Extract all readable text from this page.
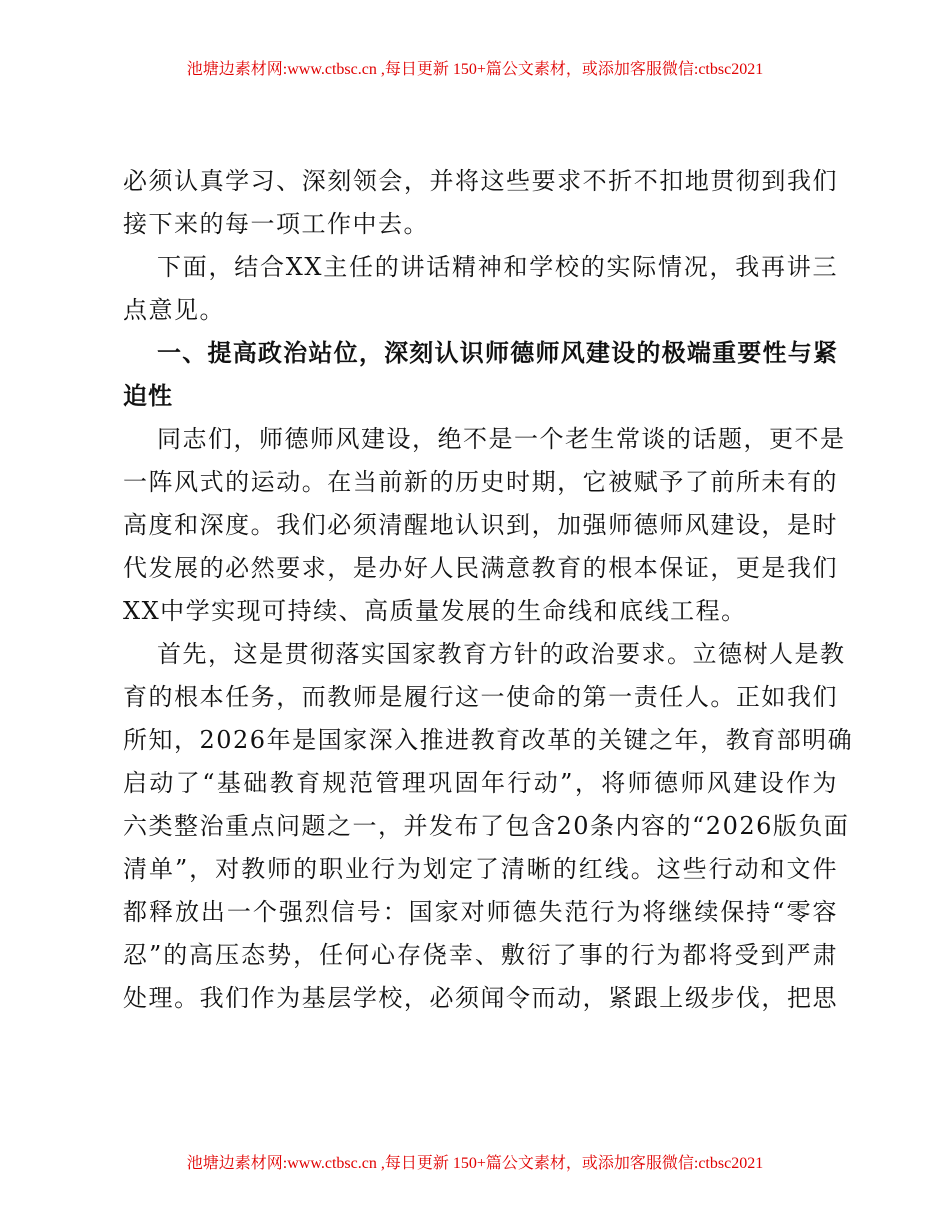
池塘边素材网:www.ctbsc.cn ,每日更新 150+篇公文素材，或添加客服微信:ctbsc2021
必须认真学习、深刻领会，并将这些要求不折不扣地贯彻到我们
接下来的每一项工作中去。
下面，结合XX主任的讲话精神和学校的实际情况，我再讲三
点意见。
一、提高政治站位，深刻认识师德师风建设的极端重要性与紧
迫性
同志们，师德师风建设，绝不是一个老生常谈的话题，更不是
一阵风式的运动。在当前新的历史时期，它被赋予了前所未有的
高度和深度。我们必须清醒地认识到，加强师德师风建设，是时
代发展的必然要求，是办好人民满意教育的根本保证，更是我们
XX中学实现可持续、高质量发展的生命线和底线工程。
首先，这是贯彻落实国家教育方针的政治要求。立德树人是教
育的根本任务，而教师是履行这一使命的第一责任人。正如我们
所知，2026年是国家深入推进教育改革的关键之年，教育部明确
启动了“基础教育规范管理巩固年行动”，将师德师风建设作为
六类整治重点问题之一，并发布了包含20条内容的“2026版负面
清单”，对教师的职业行为划定了清晰的红线。这些行动和文件
都释放出一个强烈信号：国家对师德失范行为将继续保持“零容
忍”的高压态势，任何心存侥幸、敷衍了事的行为都将受到严肃
处理。我们作为基层学校，必须闻令而动，紧跟上级步伐，把思
池塘边素材网:www.ctbsc.cn ,每日更新 150+篇公文素材，或添加客服微信:ctbsc2021
